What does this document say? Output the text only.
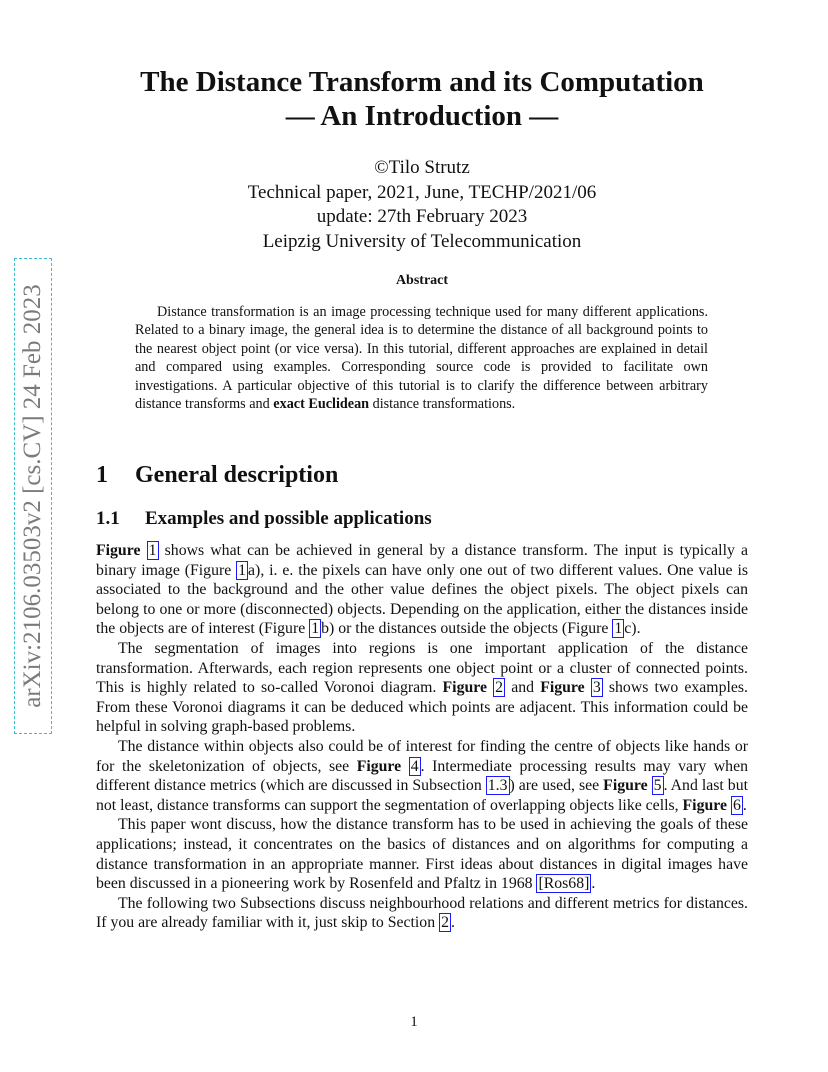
arXiv:2106.03503v2 [cs.CV] 24 Feb 2023
The Distance Transform and its Computation
— An Introduction —
©Tilo Strutz
Technical paper, 2021, June, TECHP/2021/06
update: 27th February 2023
Leipzig University of Telecommunication
Abstract

Distance transformation is an image processing technique used for many different applications. Related to a binary image, the general idea is to determine the distance of all background points to the nearest object point (or vice versa). In this tutorial, different approaches are explained in detail and compared using examples. Corresponding source code is provided to facilitate own investigations. A particular objective of this tutorial is to clarify the difference between arbitrary distance transforms and exact Euclidean distance transformations.

1 General description
1.1 Examples and possible applications

Figure 1 shows what can be achieved in general by a distance transform. The input is typically a binary image (Figure 1 a), i. e. the pixels can have only one out of two different values. One value is associated to the background and the other value defines the object pixels. The object pixels can belong to one or more (disconnected) objects. Depending on the application, either the distances inside the objects are of interest (Figure 1 b) or the distances outside the objects (Figure 1 c).

The segmentation of images into regions is one important application of the distance transformation. Afterwards, each region represents one object point or a cluster of connected points. This is highly related to so-called Voronoi diagram. Figure 2 and Figure 3 shows two examples. From these Voronoi diagrams it can be deduced which points are adjacent. This information could be helpful in solving graph-based problems.

The distance within objects also could be of interest for finding the centre of objects like hands or for the skeletonization of objects, see Figure 4 . Intermediate processing results may vary when different distance metrics (which are discussed in Subsection 1.3 ) are used, see Figure 5 . And last but not least, distance transforms can support the segmentation of overlapping objects like cells, Figure 6 .

This paper wont discuss, how the distance transform has to be used in achieving the goals of these applications; instead, it concentrates on the basics of distances and on algorithms for computing a distance transformation in an appropriate manner. First ideas about distances in digital images have been discussed in a pioneering work by Rosenfeld and Pfaltz in 1968 [Ros68] .

The following two Subsections discuss neighbourhood relations and different metrics for distances. If you are already familiar with it, just skip to Section 2 .

1
